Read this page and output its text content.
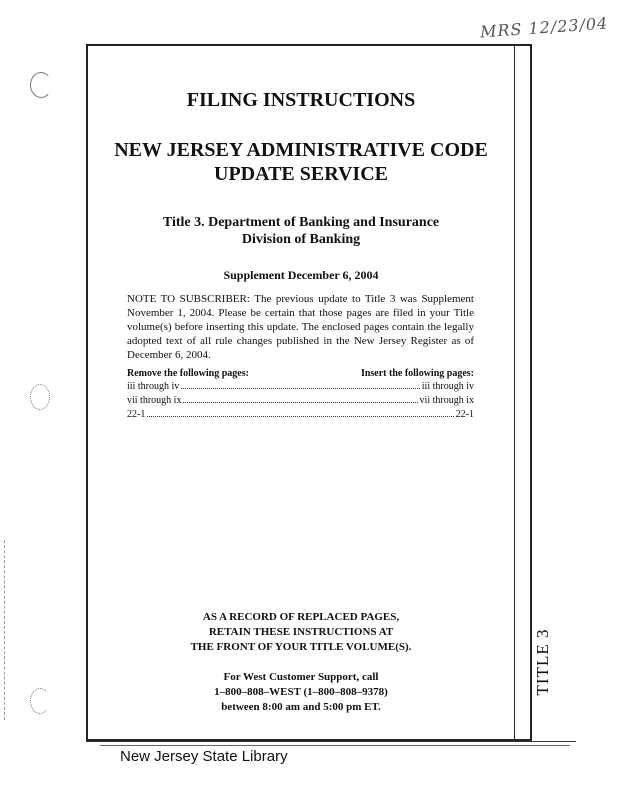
MRS 12/23/04
TITLE 3
FILING INSTRUCTIONS
NEW JERSEY ADMINISTRATIVE CODE
UPDATE SERVICE
Title 3. Department of Banking and Insurance
Division of Banking
Supplement December 6, 2004
NOTE TO SUBSCRIBER: The previous update to Title 3 was Supplement November 1, 2004. Please be certain that those pages are filed in your Title volume(s) before inserting this update. The enclosed pages contain the legally adopted text of all rule changes published in the New Jersey Register as of December 6, 2004.
Remove the following pages:	Insert the following pages:
iii through iv	iii through iv
vii through ix	vii through ix
22-1	22-1
AS A RECORD OF REPLACED PAGES,
RETAIN THESE INSTRUCTIONS AT
THE FRONT OF YOUR TITLE VOLUME(S).
For West Customer Support, call
1–800–808–WEST (1–800–808–9378)
between 8:00 am and 5:00 pm ET.
New Jersey State Library
